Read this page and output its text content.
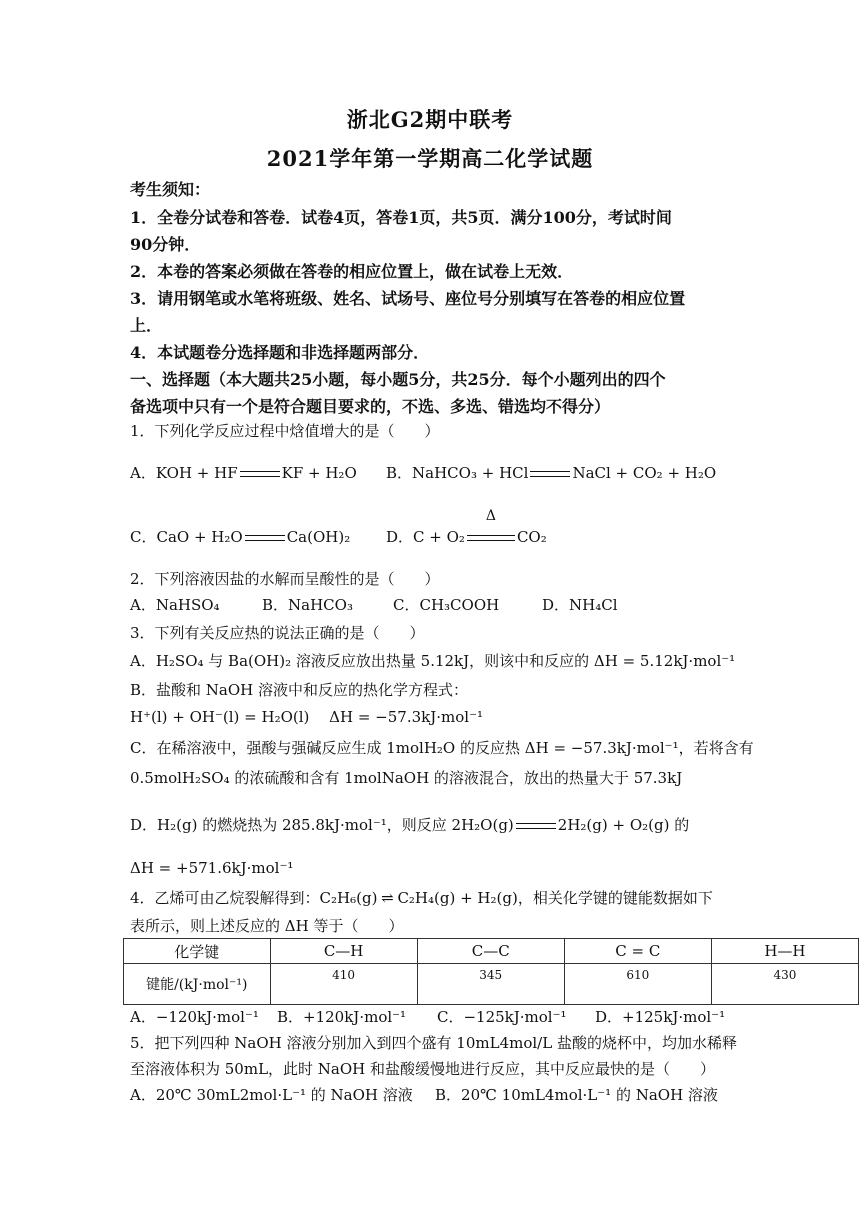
浙北G2期中联考
2021学年第一学期高二化学试题
考生须知：
1．全卷分试卷和答卷．试卷4页，答卷1页，共5页．满分100分，考试时间
90分钟．
2．本卷的答案必须做在答卷的相应位置上，做在试卷上无效．
3．请用钢笔或水笔将班级、姓名、试场号、座位号分别填写在答卷的相应位置
上．
4．本试题卷分选择题和非选择题两部分．
一、选择题（本大题共25小题，每小题5分，共25分．每个小题列出的四个
备选项中只有一个是符合题目要求的，不选、多选、错选均不得分）
1．下列化学反应过程中焓值增大的是（　　）
A．KOH + HF	KF + H₂O B．NaHCO₃ + HCl	NaCl + CO₂ + H₂O
C．CaO + H₂O	Ca(OH)₂ D．C + O₂
Δ
CO₂
2．下列溶液因盐的水解而呈酸性的是（　　）
A．NaHSO₄	B．NaHCO₃	C．CH₃COOH	D．NH₄Cl
3．下列有关反应热的说法正确的是（　　）
A．H₂SO₄ 与 Ba(OH)₂ 溶液反应放出热量 5.12kJ，则该中和反应的 ΔH = 5.12kJ·mol⁻¹
B．盐酸和 NaOH 溶液中和反应的热化学方程式：
H⁺(l) + OH⁻(l) = H₂O(l)　 ΔH = −57.3kJ·mol⁻¹
C．在稀溶液中，强酸与强碱反应生成 1molH₂O 的反应热 ΔH = −57.3kJ·mol⁻¹，若将含有
0.5molH₂SO₄ 的浓硫酸和含有 1molNaOH 的溶液混合，放出的热量大于 57.3kJ
D．H₂(g) 的燃烧热为 285.8kJ·mol⁻¹，则反应 2H₂O(g)	2H₂(g) + O₂(g) 的
ΔH = +571.6kJ·mol⁻¹
4．乙烯可由乙烷裂解得到：C₂H₆(g) ⇌ C₂H₄(g) + H₂(g)，相关化学键的键能数据如下
表所示，则上述反应的 ΔH 等于（　　）
化学键	C—H	C—C	C = C	H—H
键能/(kJ·mol⁻¹)	410	345	610	430
A．−120kJ·mol⁻¹ B．+120kJ·mol⁻¹ C．−125kJ·mol⁻¹ D．+125kJ·mol⁻¹
5．把下列四种 NaOH 溶液分别加入到四个盛有 10mL4mol/L 盐酸的烧杯中，均加水稀释
至溶液体积为 50mL，此时 NaOH 和盐酸缓慢地进行反应，其中反应最快的是（　　）
A．20℃ 30mL2mol·L⁻¹ 的 NaOH 溶液 B．20℃ 10mL4mol·L⁻¹ 的 NaOH 溶液
